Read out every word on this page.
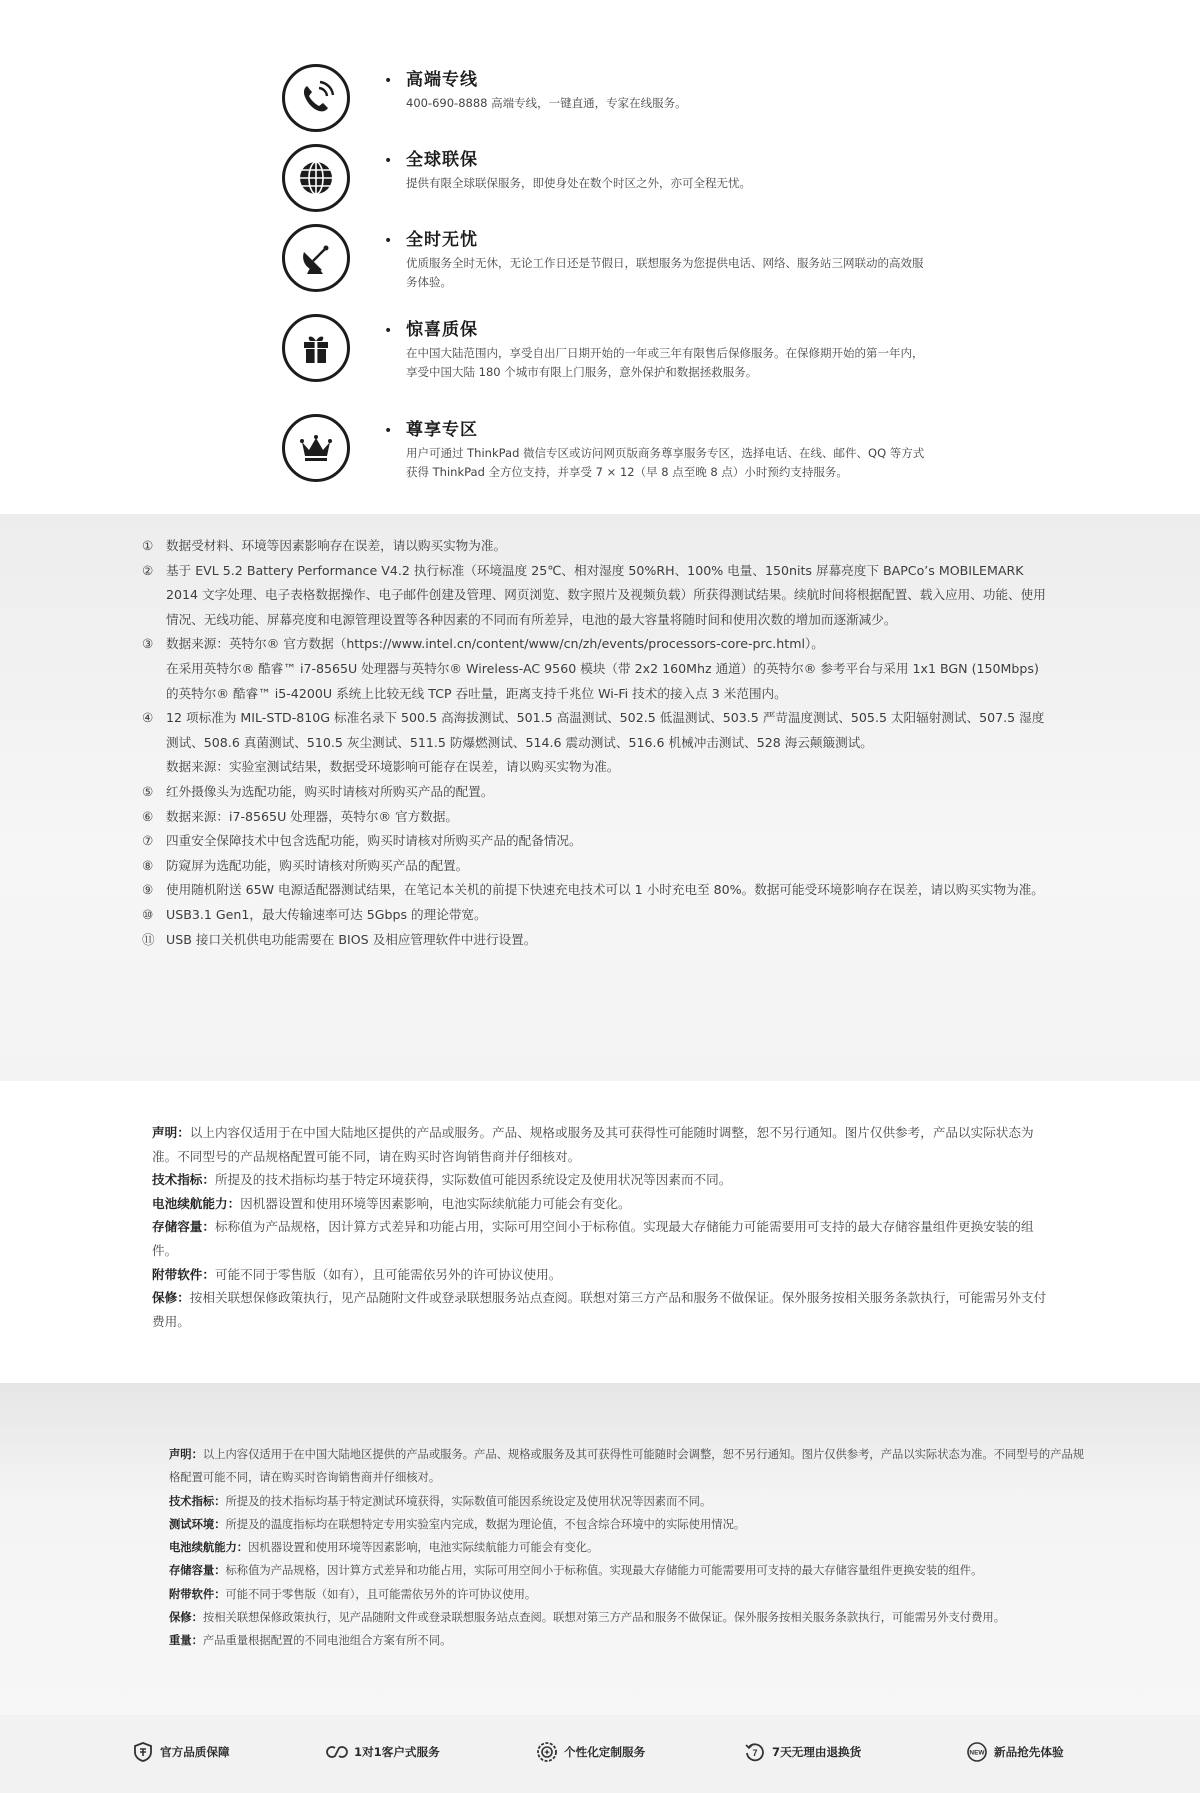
• 高端专线

400-690-8888 高端专线，一键直通，专家在线服务。

• 全球联保

提供有限全球联保服务，即使身处在数个时区之外，亦可全程无忧。

• 全时无忧

优质服务全时无休，无论工作日还是节假日，联想服务为您提供电话、网络、服务站三网联动的高效服务体验。

• 惊喜质保

在中国大陆范围内，享受自出厂日期开始的一年或三年有限售后保修服务。在保修期开始的第一年内，享受中国大陆 180 个城市有限上门服务，意外保护和数据拯救服务。

• 尊享专区

用户可通过 ThinkPad 微信专区或访问网页版商务尊享服务专区，选择电话、在线、邮件、QQ 等方式获得 ThinkPad 全方位支持，并享受 7 × 12（早 8 点至晚 8 点）小时预约支持服务。

① 数据受材料、环境等因素影响存在误差，请以购买实物为准。
② 基于 EVL 5.2 Battery Performance V4.2 执行标准（环境温度 25℃、相对湿度 50%RH、100% 电量、150nits 屏幕亮度下 BAPCo’s MOBILEMARK 2014 文字处理、电子表格数据操作、电子邮件创建及管理、网页浏览、数字照片及视频负载）所获得测试结果。续航时间将根据配置、载入应用、功能、使用情况、无线功能、屏幕亮度和电源管理设置等各种因素的不同而有所差异，电池的最大容量将随时间和使用次数的增加而逐渐减少。
③ 数据来源：英特尔® 官方数据（https://www.intel.cn/content/www/cn/zh/events/processors-core-prc.html）。
在采用英特尔® 酷睿™ i7-8565U 处理器与英特尔® Wireless-AC 9560 模块（带 2x2 160Mhz 通道）的英特尔® 参考平台与采用 1x1 BGN (150Mbps) 的英特尔® 酷睿™ i5-4200U 系统上比较无线 TCP 吞吐量，距离支持千兆位 Wi-Fi 技术的接入点 3 米范围内。
④ 12 项标准为 MIL-STD-810G 标准名录下 500.5 高海拔测试、501.5 高温测试、502.5 低温测试、503.5 严苛温度测试、505.5 太阳辐射测试、507.5 湿度测试、508.6 真菌测试、510.5 灰尘测试、511.5 防爆燃测试、514.6 震动测试、516.6 机械冲击测试、528 海云颠簸测试。
数据来源：实验室测试结果，数据受环境影响可能存在误差，请以购买实物为准。
⑤ 红外摄像头为选配功能，购买时请核对所购买产品的配置。
⑥ 数据来源：i7-8565U 处理器，英特尔® 官方数据。
⑦ 四重安全保障技术中包含选配功能，购买时请核对所购买产品的配备情况。
⑧ 防窥屏为选配功能，购买时请核对所购买产品的配置。
⑨ 使用随机附送 65W 电源适配器测试结果，在笔记本关机的前提下快速充电技术可以 1 小时充电至 80%。数据可能受环境影响存在误差，请以购买实物为准。
⑩ USB3.1 Gen1，最大传输速率可达 5Gbps 的理论带宽。
⑪ USB 接口关机供电功能需要在 BIOS 及相应管理软件中进行设置。

声明：以上内容仅适用于在中国大陆地区提供的产品或服务。产品、规格或服务及其可获得性可能随时调整，恕不另行通知。图片仅供参考，产品以实际状态为准。不同型号的产品规格配置可能不同，请在购买时咨询销售商并仔细核对。

技术指标：所提及的技术指标均基于特定环境获得，实际数值可能因系统设定及使用状况等因素而不同。

电池续航能力：因机器设置和使用环境等因素影响，电池实际续航能力可能会有变化。

存储容量：标称值为产品规格，因计算方式差异和功能占用，实际可用空间小于标称值。实现最大存储能力可能需要用可支持的最大存储容量组件更换安装的组件。

附带软件：可能不同于零售版（如有），且可能需依另外的许可协议使用。

保修：按相关联想保修政策执行，见产品随附文件或登录联想服务站点查阅。联想对第三方产品和服务不做保证。保外服务按相关服务条款执行，可能需另外支付费用。

声明：以上内容仅适用于在中国大陆地区提供的产品或服务。产品、规格或服务及其可获得性可能随时会调整，恕不另行通知。图片仅供参考，产品以实际状态为准。不同型号的产品规格配置可能不同，请在购买时咨询销售商并仔细核对。

技术指标：所提及的技术指标均基于特定测试环境获得，实际数值可能因系统设定及使用状况等因素而不同。

测试环境：所提及的温度指标均在联想特定专用实验室内完成，数据为理论值，不包含综合环境中的实际使用情况。

电池续航能力：因机器设置和使用环境等因素影响，电池实际续航能力可能会有变化。

存储容量：标称值为产品规格，因计算方式差异和功能占用，实际可用空间小于标称值。实现最大存储能力可能需要用可支持的最大存储容量组件更换安装的组件。

附带软件：可能不同于零售版（如有），且可能需依另外的许可协议使用。

保修：按相关联想保修政策执行，见产品随附文件或登录联想服务站点查阅。联想对第三方产品和服务不做保证。保外服务按相关服务条款执行，可能需另外支付费用。

重量：产品重量根据配置的不同电池组合方案有所不同。

官方品质保障	1对1客户式服务	个性化定制服务	7 7天无理由退换货	NEW 新品抢先体验
